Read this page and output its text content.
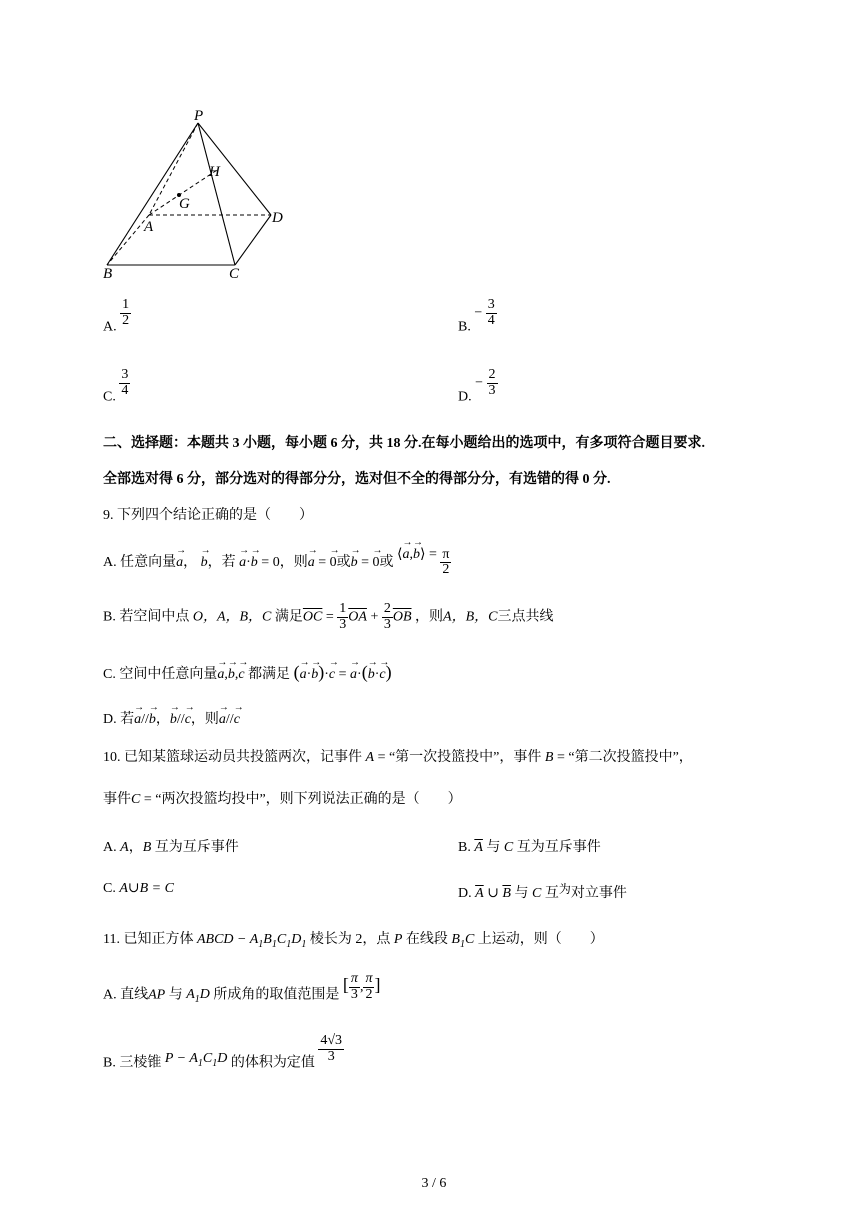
P
H
G
A
D
B	C
A. $\frac{1}{2}$	B. − $\frac{3}{4}$
C. $\frac{3}{4}$	D. − $\frac{2}{3}$
二、选择题：本题共 3 小题，每小题 6 分，共 18 分.在每小题给出的选项中，有多项符合题目要求.
全部选对得 6 分，部分选对的得部分分，选对但不全的得部分分，有选错的得 0 分.
9. 下列四个结论正确的是（　　）
A. 任意向量→ a， → b，若 → a·→ b = 0，则→ a = → 0或→ b = → 0或 ⟨→ a,→ b⟩ = $\frac{\pi}{2}$
B. 若空间中点 O，A，B，C 满足$\overline{OC} = \frac{1}{3} \overline{OA} + \frac{2}{3} \overline{OB}$ ，则A，B，C三点共线
C. 空间中任意向量→ a,→ b,→ c 都满足 (→ a·→ b)·→ c = → a·(→ b·→ c)
D. 若→ a//→ b，→ b//→ c，则→ a//→ c
10. 已知某篮球运动员共投篮两次，记事件 A = “第一次投篮投中”，事件 B = “第二次投篮投中”，
事件C = “两次投篮均投中”，则下列说法正确的是（　　）
A. A，B 互为互斥事件	B. $\overline{A}$ 与 C 互为互斥事件
C. A∪B = C	D. $\overline{A}$ ∪ $\overline{B}$ 与 C 互为对立事件
11. 已知正方体 ABCD − $A_1B_1C_1D_1$ 棱长为 2，点 P 在线段 $B_1C$ 上运动，则（　　）
A. 直线AP 与 $A_1D$ 所成角的取值范围是 [ $\frac{\pi}{3}$ , $\frac{\pi}{2}$ ]
B. 三棱锥 $P - A_1C_1D$ 的体积为定值 $\frac{4√3}{3}$
3 / 6
